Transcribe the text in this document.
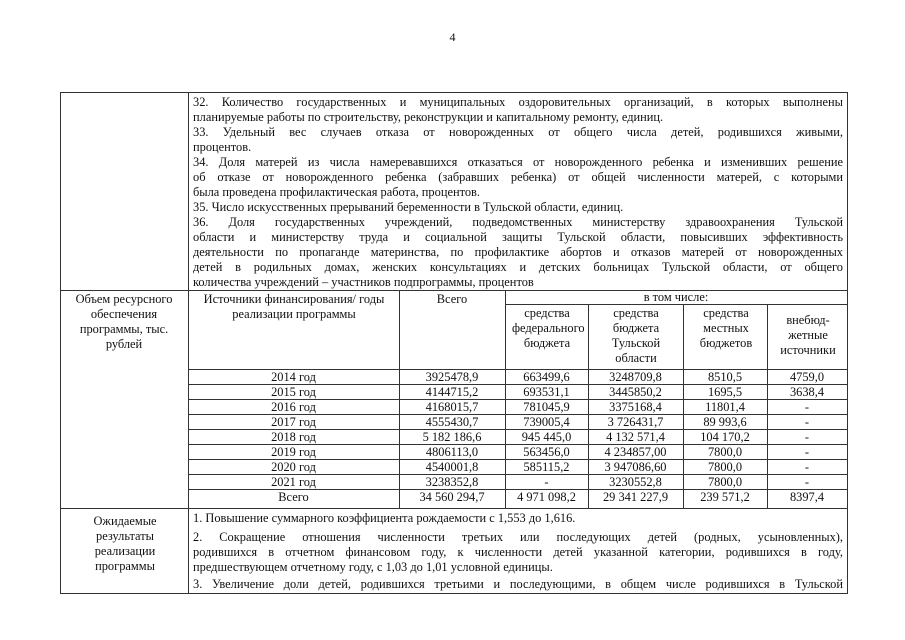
4
32. Количество государственных и муниципальных оздоровительных организаций, в которых выполнены
планируемые работы по строительству, реконструкции и капитальному ремонту, единиц.
33. Удельный вес случаев отказа от новорожденных от общего числа детей, родившихся живыми,
процентов.
34. Доля матерей из числа намеревавшихся отказаться от новорожденного ребенка и изменивших решение
об отказе от новорожденного ребенка (забравших ребенка) от общей численности матерей, с которыми
была проведена профилактическая работа, процентов.
35. Число искусственных прерываний беременности в Тульской области, единиц.
36. Доля государственных учреждений, подведомственных министерству здравоохранения Тульской
области и министерству труда и социальной защиты Тульской области, повысивших эффективность
деятельности по пропаганде материнства, по профилактике абортов и отказов матерей от новорожденных
детей в родильных домах, женских консультациях и детских больницах Тульской области, от общего
количества учреждений – участников подпрограммы, процентов
Объем ресурсного обеспечения программы, тыс. рублей
Источники финансирования/ годы реализации программы
Всего	в том числе:
средства федерального бюджета
средства бюджета Тульской области
средства местных бюджетов
внебюд-жетные источники
2014 год	3925478,9	663499,6	3248709,8	8510,5	4759,0
2015 год	4144715,2	693531,1	3445850,2	1695,5	3638,4
2016 год	4168015,7	781045,9	3375168,4	11801,4	-
2017 год	4555430,7	739005,4	3 726431,7	89 993,6	-
2018 год	5 182 186,6	945 445,0	4 132 571,4	104 170,2	-
2019 год	4806113,0	563456,0	4 234857,00	7800,0	-
2020 год	4540001,8	585115,2	3 947086,60	7800,0	-
2021 год	3238352,8	-	3230552,8	7800,0	-
Всего	34 560 294,7	4 971 098,2	29 341 227,9	239 571,2	8397,4
Ожидаемые результаты реализации программы
1. Повышение суммарного коэффициента рождаемости с 1,553 до 1,616.
2. Сокращение отношения численности третьих или последующих детей (родных, усыновленных),
родившихся в отчетном финансовом году, к численности детей указанной категории, родившихся в году,
предшествующем отчетному году, с 1,03 до 1,01 условной единицы.
3. Увеличение доли детей, родившихся третьими и последующими, в общем числе родившихся в Тульской
